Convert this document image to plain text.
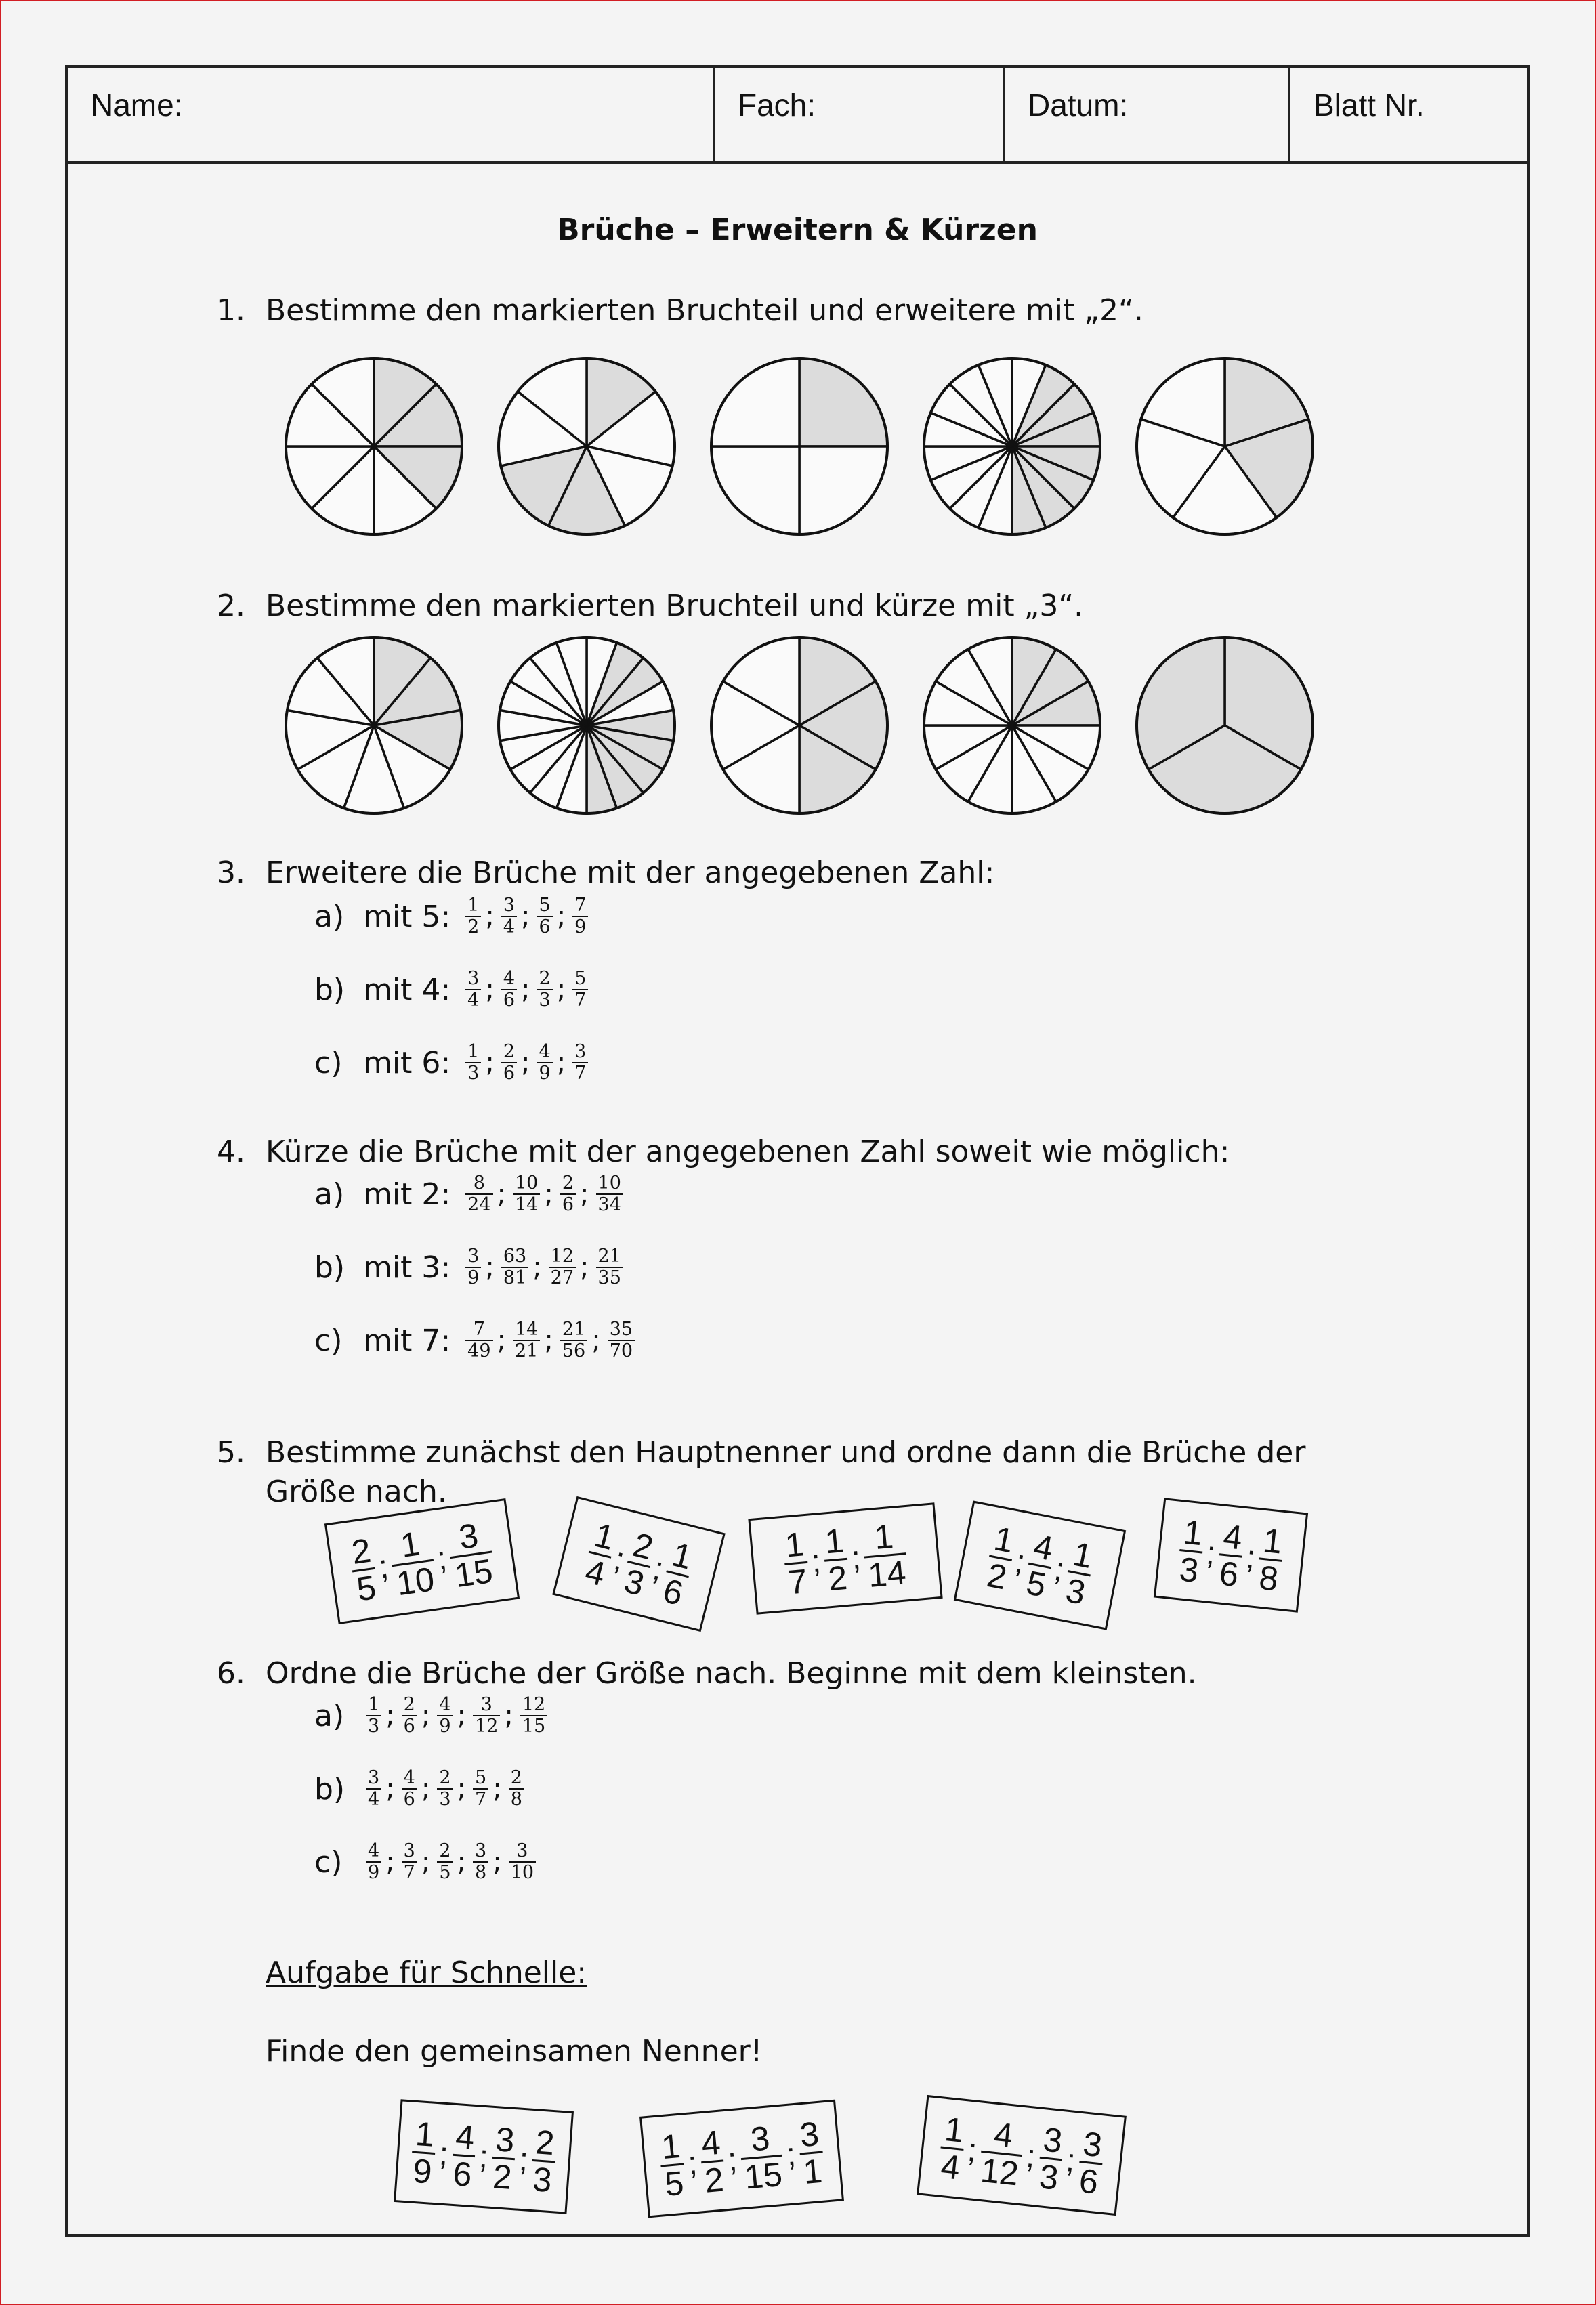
Name:	Fach:	Datum:	Blatt Nr.
Brüche – Erweitern & Kürzen
1. Bestimme den markierten Bruchteil und erweitere mit „2“.
2. Bestimme den markierten Bruchteil und kürze mit „3“.
3. Erweitere die Brüche mit der angegebenen Zahl:
a) mit 5: $\frac{1}{2}$ ; $\frac{3}{4}$ ; $\frac{5}{6}$ ; $\frac{7}{9}$
b) mit 4: $\frac{3}{4}$ ; $\frac{4}{6}$ ; $\frac{2}{3}$ ; $\frac{5}{7}$
c) mit 6: $\frac{1}{3}$ ; $\frac{2}{6}$ ; $\frac{4}{9}$ ; $\frac{3}{7}$
4. Kürze die Brüche mit der angegebenen Zahl soweit wie möglich:
a) mit 2: $\frac{8}{24}$ ; $\frac{10}{14}$ ; $\frac{2}{6}$ ; $\frac{10}{34}$
b) mit 3: $\frac{3}{9}$ ; $\frac{63}{81}$ ; $\frac{12}{27}$ ; $\frac{21}{35}$
c) mit 7: $\frac{7}{49}$ ; $\frac{14}{21}$ ; $\frac{21}{56}$ ; $\frac{35}{70}$
5. Bestimme zunächst den Hauptnenner und ordne dann die Brüche der Größe nach.
$\frac{2}{5}$
;
$\frac{1}{10}$
;
$\frac{3}{15} \frac{1}{4}$
;
$\frac{2}{3}$
;
$\frac{1}{6} \frac{1}{7}$ ; $\frac{1}{2}$ ; $\frac{1}{14} \frac{1}{2}$
;
$\frac{4}{5}$
;
$\frac{1}{3} \frac{1}{3}$
;
$\frac{4}{6}$
;
$\frac{1}{8}$
6. Ordne die Brüche der Größe nach. Beginne mit dem kleinsten.
a)	$\frac{1}{3}$ ; $\frac{2}{6}$ ; $\frac{4}{9}$ ; $\frac{3}{12}$ ; $\frac{12}{15}$
b)	$\frac{3}{4}$ ; $\frac{4}{6}$ ; $\frac{2}{3}$ ; $\frac{5}{7}$ ; $\frac{2}{8}$
c)	$\frac{4}{9}$ ; $\frac{3}{7}$ ; $\frac{2}{5}$ ; $\frac{3}{8}$ ; $\frac{3}{10}$
Aufgabe für Schnelle:
Finde den gemeinsamen Nenner!
$\frac{1}{9}$ ; $\frac{4}{6}$ ; $\frac{3}{2}$ ; $\frac{2}{3}$	$\frac{1}{5}$ ; $\frac{4}{2}$ ; $\frac{3}{15}$ ; $\frac{3}{1}$	$\frac{1}{4}$
;
$\frac{4}{12}$
;
$\frac{3}{3}$
;
$\frac{3}{6}$
